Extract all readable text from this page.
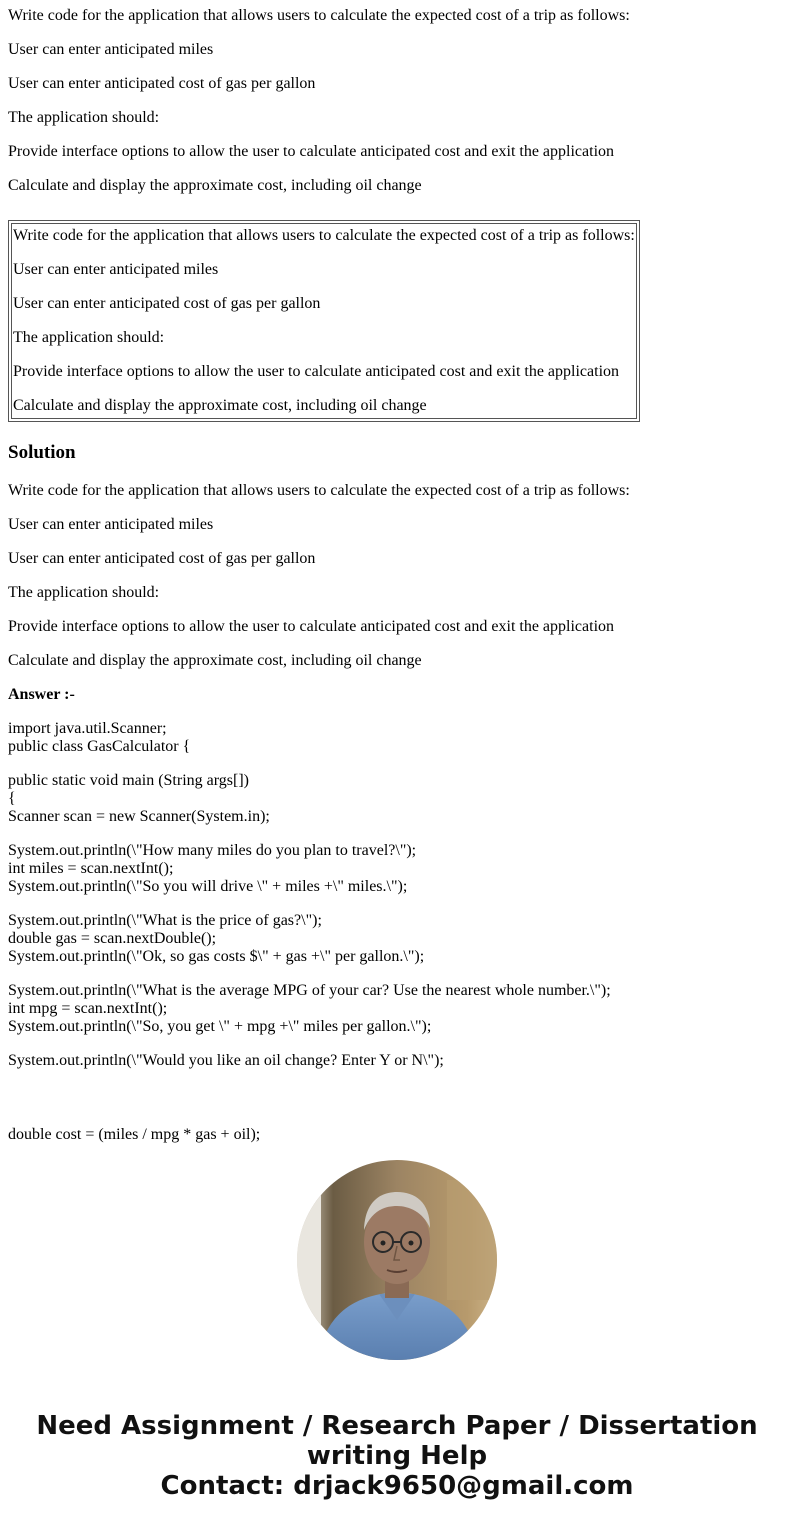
Write code for the application that allows users to calculate the expected cost of a trip as follows:

User can enter anticipated miles

User can enter anticipated cost of gas per gallon

The application should:

Provide interface options to allow the user to calculate anticipated cost and exit the application

Calculate and display the approximate cost, including oil change

Write code for the application that allows users to calculate the expected cost of a trip as follows:

User can enter anticipated miles

User can enter anticipated cost of gas per gallon

The application should:

Provide interface options to allow the user to calculate anticipated cost and exit the application

Calculate and display the approximate cost, including oil change

Solution

Write code for the application that allows users to calculate the expected cost of a trip as follows:

User can enter anticipated miles

User can enter anticipated cost of gas per gallon

The application should:

Provide interface options to allow the user to calculate anticipated cost and exit the application

Calculate and display the approximate cost, including oil change

Answer :-

import java.util.Scanner;
public class GasCalculator {
public static void main (String args[])
{
Scanner scan = new Scanner(System.in);
System.out.println(\"How many miles do you plan to travel?\");
int miles = scan.nextInt();
System.out.println(\"So you will drive \" + miles +\" miles.\");
System.out.println(\"What is the price of gas?\");
double gas = scan.nextDouble();
System.out.println(\"Ok, so gas costs $\" + gas +\" per gallon.\");
System.out.println(\"What is the average MPG of your car? Use the nearest whole number.\");
int mpg = scan.nextInt();
System.out.println(\"So, you get \" + mpg +\" miles per gallon.\");
System.out.println(\"Would you like an oil change? Enter Y or N\");
double cost = (miles / mpg * gas + oil);
Need Assignment / Research Paper / Dissertation
writing Help
Contact: drjack9650@gmail.com
